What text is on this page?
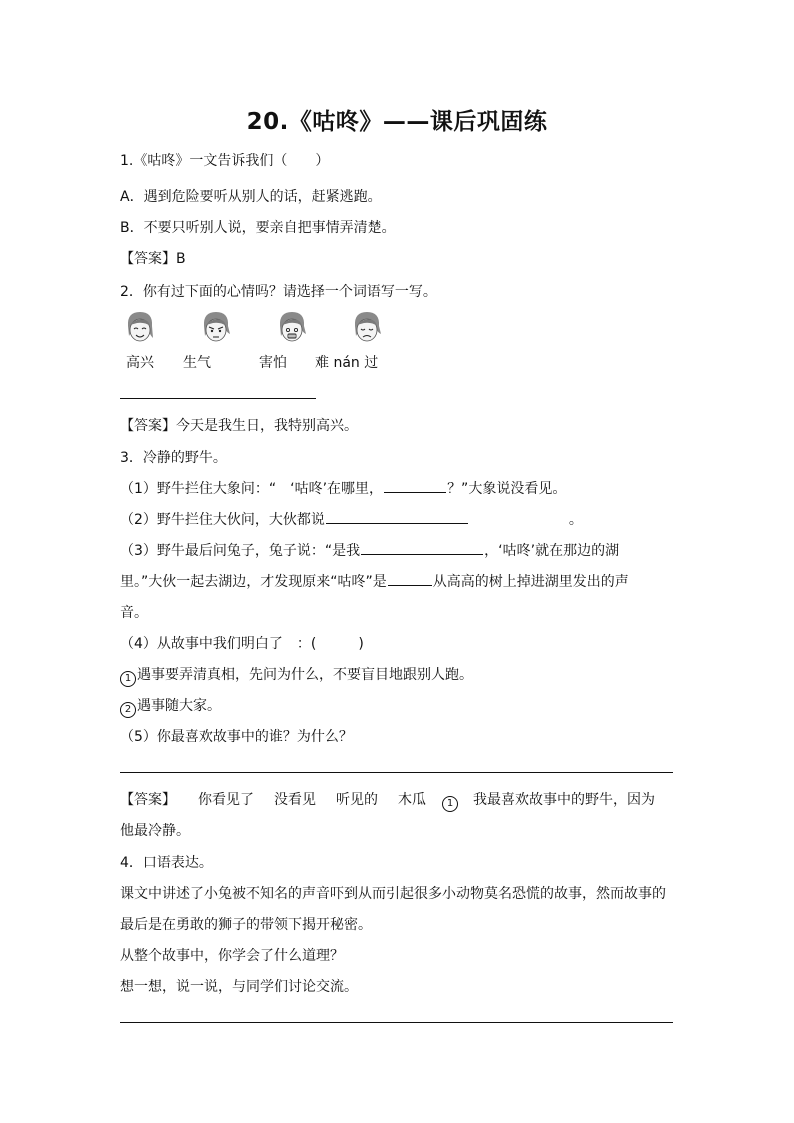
20.《咕咚》——课后巩固练
1.《咕咚》一文告诉我们（　　）
A．遇到危险要听从别人的话，赶紧逃跑。
B．不要只听别人说，要亲自把事情弄清楚。
【答案】B
2．你有过下面的心情吗？请选择一个词语写一写。
高兴 生气	害怕 难 nán 过
【答案】今天是我生日，我特别高兴。
3．冷静的野牛。
（1）野牛拦住大象问：“　‘咕咚’在哪里，	？”大象说没看见。
（2）野牛拦住大伙问，大伙都说	。
（3）野牛最后问兔子，兔子说：“是我	，‘咕咚’就在那边的湖
里。”大伙一起去湖边，才发现原来“咕咚”是	从高高的树上掉进湖里发出的声
音。
（4）从故事中我们明白了　：(　　　)
1 遇事要弄清真相，先问为什么，不要盲目地跟别人跑。
2 遇事随大家。
（5）你最喜欢故事中的谁？为什么？
【答案】 你看见了 没看见 听见的 木瓜 1 我最喜欢故事中的野牛，因为
他最冷静。
4．口语表达。
课文中讲述了小兔被不知名的声音吓到从而引起很多小动物莫名恐慌的故事，然而故事的
最后是在勇敢的狮子的带领下揭开秘密。
从整个故事中，你学会了什么道理？
想一想，说一说，与同学们讨论交流。
